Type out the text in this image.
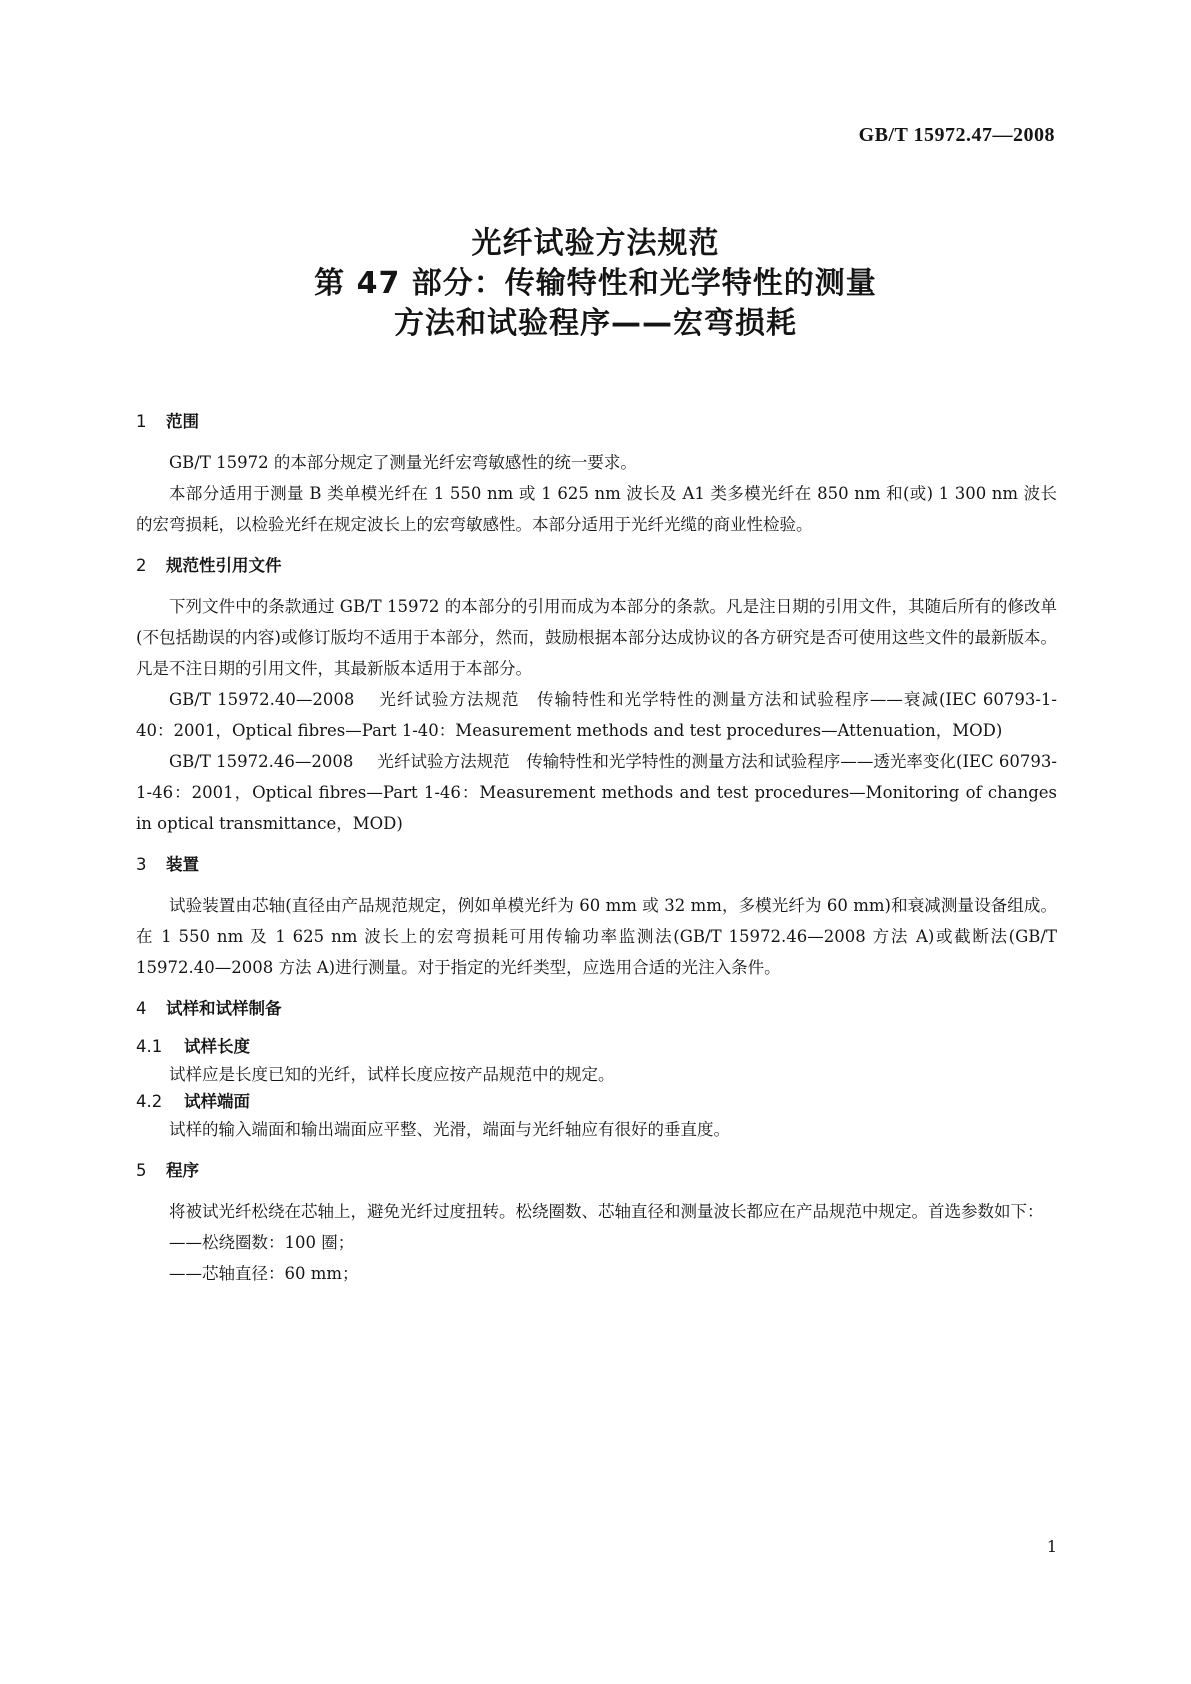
GB/T 15972.47—2008

光纤试验方法规范

第 47 部分：传输特性和光学特性的测量

方法和试验程序——宏弯损耗

1 范围

GB/T 15972 的本部分规定了测量光纤宏弯敏感性的统一要求。

本部分适用于测量 B 类单模光纤在 1 550 nm 或 1 625 nm 波长及 A1 类多模光纤在 850 nm 和(或) 1 300 nm 波长的宏弯损耗，以检验光纤在规定波长上的宏弯敏感性。本部分适用于光纤光缆的商业性检验。

2 规范性引用文件

下列文件中的条款通过 GB/T 15972 的本部分的引用而成为本部分的条款。凡是注日期的引用文件，其随后所有的修改单(不包括勘误的内容)或修订版均不适用于本部分，然而，鼓励根据本部分达成协议的各方研究是否可使用这些文件的最新版本。凡是不注日期的引用文件，其最新版本适用于本部分。

GB/T 15972.40—2008 光纤试验方法规范　传输特性和光学特性的测量方法和试验程序——衰减(IEC 60793-1-40：2001，Optical fibres—Part 1-40：Measurement methods and test procedures—Attenuation，MOD)

GB/T 15972.46—2008 光纤试验方法规范　传输特性和光学特性的测量方法和试验程序——透光率变化(IEC 60793-1-46：2001，Optical fibres—Part 1-46：Measurement methods and test procedures—Monitoring of changes in optical transmittance，MOD)

3 装置

试验装置由芯轴(直径由产品规范规定，例如单模光纤为 60 mm 或 32 mm，多模光纤为 60 mm)和衰减测量设备组成。在 1 550 nm 及 1 625 nm 波长上的宏弯损耗可用传输功率监测法(GB/T 15972.46—2008 方法 A)或截断法(GB/T 15972.40—2008 方法 A)进行测量。对于指定的光纤类型，应选用合适的光注入条件。

4 试样和试样制备
4.1 试样长度

试样应是长度已知的光纤，试样长度应按产品规范中的规定。

4.2 试样端面

试样的输入端面和输出端面应平整、光滑，端面与光纤轴应有很好的垂直度。

5 程序

将被试光纤松绕在芯轴上，避免光纤过度扭转。松绕圈数、芯轴直径和测量波长都应在产品规范中规定。首选参数如下：

——松绕圈数：100 圈；

——芯轴直径：60 mm；

1
